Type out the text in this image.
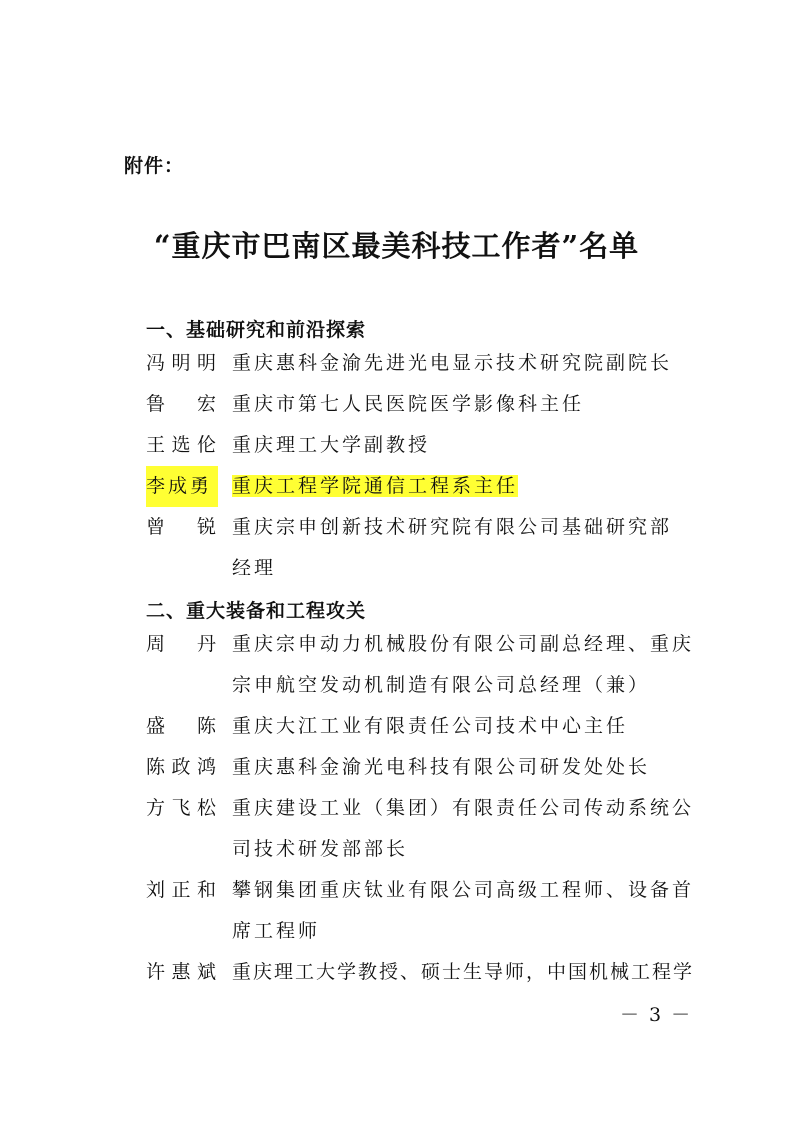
附件：
“重庆市巴南区最美科技工作者”名单
一、基础研究和前沿探索
冯明明 重庆惠科金渝先进光电显示技术研究院副院长
鲁 宏 重庆市第七人民医院医学影像科主任
王选伦 重庆理工大学副教授
李成勇	重庆工程学院通信工程系主任
曾 锐 重庆宗申创新技术研究院有限公司基础研究部经理
二、重大装备和工程攻关
周 丹 重庆宗申动力机械股份有限公司副总经理、重庆宗申航空发动机制造有限公司总经理（兼）
盛 陈 重庆大江工业有限责任公司技术中心主任
陈政鸿 重庆惠科金渝光电科技有限公司研发处处长
方飞松 重庆建设工业（集团）有限责任公司传动系统公司技术研发部部长
刘正和 攀钢集团重庆钛业有限公司高级工程师、设备首席工程师
许惠斌 重庆理工大学教授、硕士生导师，中国机械工程学
－ 3 －
